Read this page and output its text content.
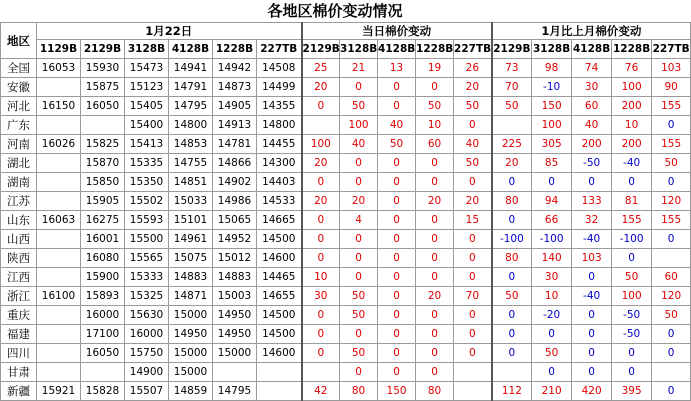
各地区棉价变动情况
地区	1月22日						当日棉价变动					1月比上月棉价变动				
	1129B	2129B	3128B	4128B	1228B	227TB	2129B	3128B	4128B	1228B	227TB	2129B	3128B	4128B	1228B	227TB
全国	16053	15930	15473	14941	14942	14508	25	21	13	19	26	73	98	74	76	103
安徽		15875	15123	14791	14873	14499	20	0	0	0	20	70	-10	30	100	90
河北	16150	16050	15405	14795	14905	14355	0	50	0	50	50	50	150	60	200	155
广东			15400	14800	14913	14800		100	40	10	0		100	40	10	0
河南	16026	15825	15413	14853	14781	14455	100	40	50	60	40	225	305	200	200	155
湖北		15870	15335	14755	14866	14300	20	0	0	0	50	20	85	-50	-40	50
湖南		15850	15350	14851	14902	14403	0	0	0	0	0	0	0	0	0	0
江苏		15905	15502	15033	14986	14533	20	20	0	20	20	80	94	133	81	120
山东	16063	16275	15593	15101	15065	14665	0	4	0	0	15	0	66	32	155	155
山西		16001	15500	14961	14952	14500	0	0	0	0	0	-100	-100	-40	-100	0
陕西		16080	15565	15075	15012	14600	0	0	0	0	0	80	140	103	0	
江西		15900	15333	14883	14883	14465	10	0	0	0	0	0	30	0	50	60
浙江	16100	15893	15325	14871	15003	14655	30	50	0	20	70	50	10	-40	100	120
重庆		16000	15630	15000	14950	14500	0	50	0	0	0	0	-20	0	-50	50
福建		17100	16000	14950	14950	14500	0	0	0	0	0	0	0	0	-50	0
四川		16050	15750	15000	15000	14600	0	50	0	0	0	0	50	0	0	0
甘肃			14900	15000				0	0	0			0	0	0	
新疆	15921	15828	15507	14859	14795		42	80	150	80		112	210	420	395	0
